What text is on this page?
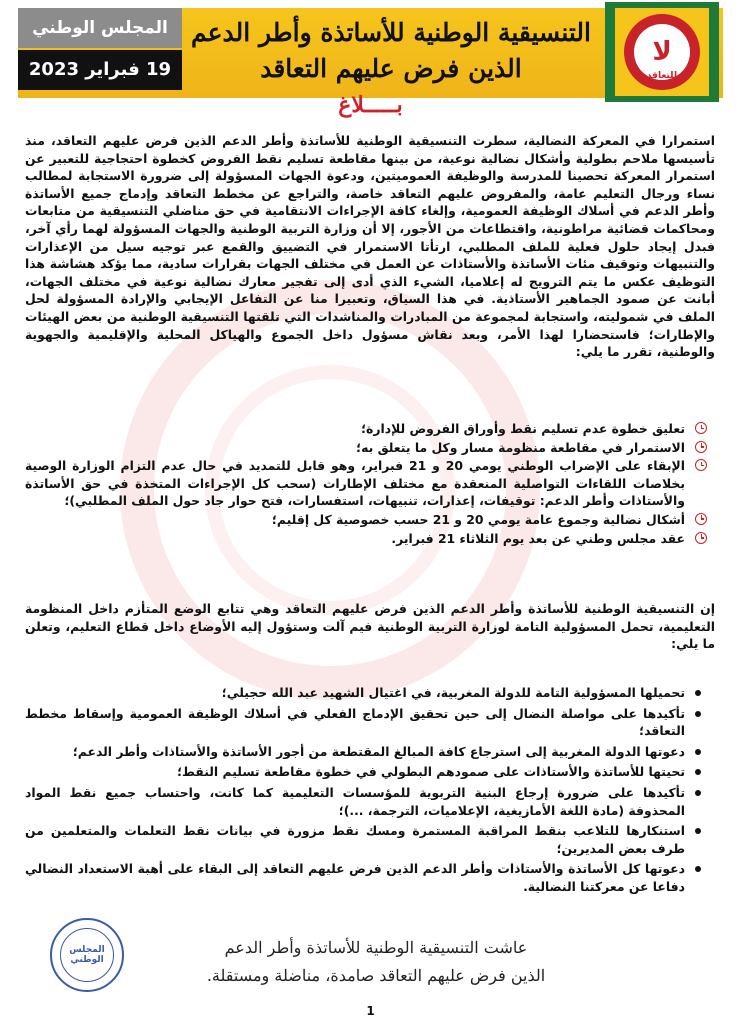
التنسيقية الوطنية للأساتذة وأطر الدعم
الذين فرض عليهم التعاقد
لا
للتعاقد
المجلس الوطني
19 فبراير 2023
بـــــلاغ

استمرارا في المعركة النضالية، سطرت التنسيقية الوطنية للأساتذة وأطر الدعم الذين فرض عليهم التعاقد، منذ تأسيسها ملاحم بطولية وأشكال نضالية نوعية، من بينها مقاطعة تسليم نقط الفروض كخطوة احتجاجية للتعبير عن استمرار المعركة تحصينا للمدرسة والوظيفة العموميتين، ودعوة الجهات المسؤولة إلى ضرورة الاستجابة لمطالب نساء ورجال التعليم عامة، والمفروض عليهم التعاقد خاصة، والتراجع عن مخطط التعاقد وإدماج جميع الأساتذة وأطر الدعم في أسلاك الوظيفة العمومية، وإلغاء كافة الإجراءات الانتقامية في حق مناضلي التنسيقية من متابعات ومحاكمات قضائية مراطونية، واقتطاعات من الأجور، إلا أن وزارة التربية الوطنية والجهات المسؤولة لهما رأي آخر، فبدل إيجاد حلول فعلية للملف المطلبي، ارتأتا الاستمرار في التضييق والقمع عبر توجيه سيل من الإعذارات والتنبيهات وتوقيف مئات الأساتذة والأستاذات عن العمل في مختلف الجهات بقرارات سادية، مما يؤكد هشاشة هذا التوظيف عكس ما يتم الترويج له إعلاميا، الشيء الذي أدى إلى تفجير معارك نضالية نوعية في مختلف الجهات، أبانت عن صمود الجماهير الأستاذية. في هذا السياق، وتعبيرا منا عن التفاعل الإيجابي والإرادة المسؤولة لحل الملف في شموليته، واستجابة لمجموعة من المبادرات والمناشدات التي تلقتها التنسيقية الوطنية من بعض الهيئات والإطارات؛ فاستحضارا لهذا الأمر، وبعد نقاش مسؤول داخل الجموع والهياكل المحلية والإقليمية والجهوية والوطنية، تقرر ما يلي:

تعليق خطوة عدم تسليم نقط وأوراق الفروض للإدارة؛
الاستمرار في مقاطعة منظومة مسار وكل ما يتعلق به؛
الإبقاء على الإضراب الوطني يومي 20 و 21 فبراير، وهو قابل للتمديد في حال عدم التزام الوزارة الوصية بخلاصات اللقاءات التواصلية المنعقدة مع مختلف الإطارات (سحب كل الإجراءات المتخذة في حق الأساتذة والأستاذات وأطر الدعم: توقيفات، إعذارات، تنبيهات، استفسارات، فتح حوار جاد حول الملف المطلبي)؛
أشكال نضالية وجموع عامة يومي 20 و 21 حسب خصوصية كل إقليم؛
عقد مجلس وطني عن بعد يوم الثلاثاء 21 فبراير.

إن التنسيقية الوطنية للأساتذة وأطر الدعم الذين فرض عليهم التعاقد وهي تتابع الوضع المتأزم داخل المنظومة التعليمية، تحمل المسؤولية التامة لوزارة التربية الوطنية فيم آلت وستؤول إليه الأوضاع داخل قطاع التعليم، وتعلن ما يلي:

تحميلها المسؤولية التامة للدولة المغربية، في اغتيال الشهيد عبد الله حجيلي؛
تأكيدها على مواصلة النضال إلى حين تحقيق الإدماج الفعلي في أسلاك الوظيفة العمومية وإسقاط مخطط التعاقد؛
دعوتها الدولة المغربية إلى استرجاع كافة المبالغ المقتطعة من أجور الأساتذة والأستاذات وأطر الدعم؛
تحيتها للأساتذة والأستاذات على صمودهم البطولي في خطوة مقاطعة تسليم النقط؛
تأكيدها على ضرورة إرجاع البنية التربوية للمؤسسات التعليمية كما كانت، واحتساب جميع نقط المواد المحذوفة (مادة اللغة الأمازيغية، الإعلاميات، الترجمة، ...)؛
استنكارها للتلاعب بنقط المراقبة المستمرة ومسك نقط مزورة في بيانات نقط التعلمات والمتعلمين من طرف بعض المديرين؛
دعوتها كل الأساتذة والأستاذات وأطر الدعم الذين فرض عليهم التعاقد إلى البقاء على أهبة الاستعداد النضالي دفاعا عن معركتنا النضالية.
عاشت التنسيقية الوطنية للأساتذة وأطر الدعم
الذين فرض عليهم التعاقد صامدة، مناضلة ومستقلة.
المجلس الوطني
1
